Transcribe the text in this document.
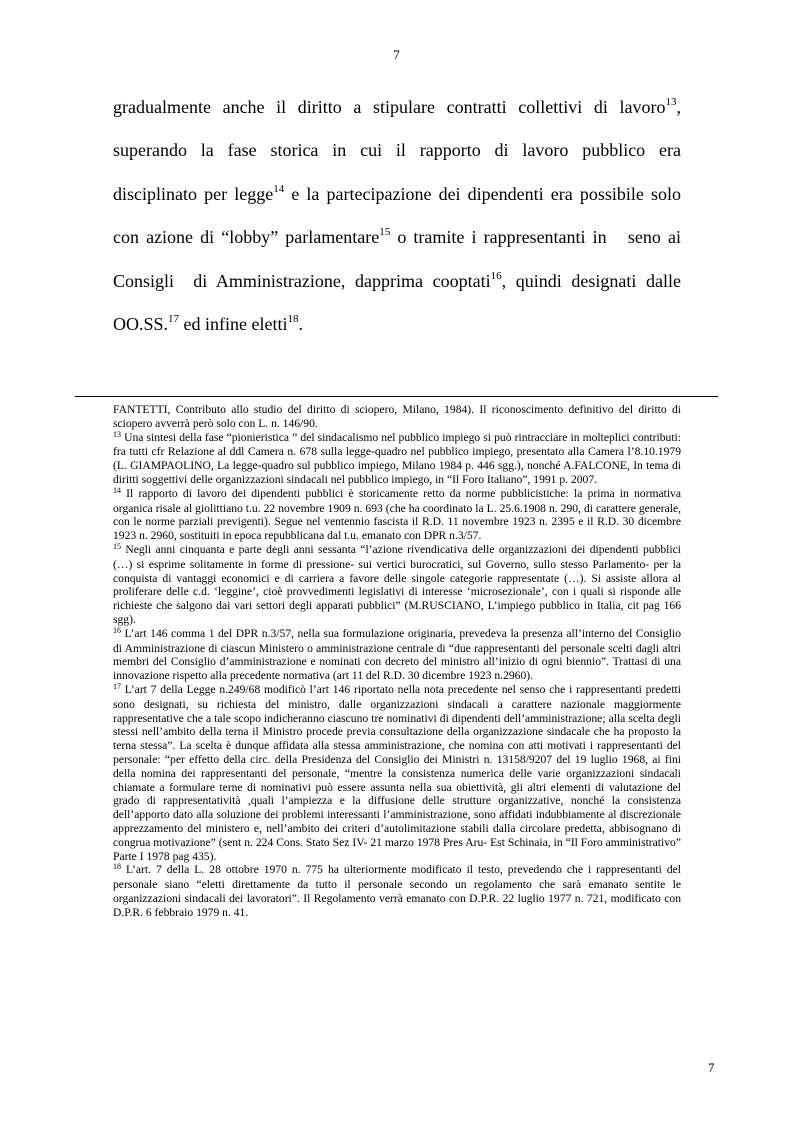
7
gradualmente anche il diritto a stipulare contratti collettivi di lavoro$^{13}$,
superando la fase storica in cui il rapporto di lavoro pubblico era
disciplinato per legge$^{14}$ e la partecipazione dei dipendenti era possibile solo
con azione di “lobby” parlamentare$^{15}$ o tramite i rappresentanti in   seno ai
Consigli  di Amministrazione, dapprima cooptati$^{16}$, quindi designati dalle
OO.SS.$^{17}$ ed infine eletti$^{18}$.

FANTETTI, Contributo allo studio del diritto di sciopero, Milano, 1984). Il riconoscimento definitivo del diritto di sciopero avverrà però solo con L. n. 146/90.

$^{13}$ Una sintesi della fase “pionieristica ” del sindacalismo nel pubblico impiego si può rintracciare in molteplici contributi: fra tutti cfr Relazione al ddl Camera n. 678 sulla legge-quadro nel pubblico impiego, presentato alla Camera l’8.10.1979 (L. GIAMPAOLINO, La legge-quadro sul pubblico impiego, Milano 1984 p. 446 sgg.), nonché A.FALCONE, In tema di diritti soggettivi delle organizzazioni sindacali nel pubblico impiego, in “Il Foro Italiano”, 1991 p. 2007.

$^{14}$ Il rapporto di lavoro dei dipendenti pubblici è storicamente retto da norme pubblicistiche: la prima in normativa organica risale al giolittiano t.u. 22 novembre 1909 n. 693 (che ha coordinato la L. 25.6.1908 n. 290, di carattere generale, con le norme parziali previgenti). Segue nel ventennio fascista il R.D. 11 novembre 1923 n. 2395 e il R.D. 30 dicembre 1923 n. 2960, sostituiti in epoca repubblicana dal t.u. emanato con DPR n.3/57.

$^{15}$ Negli anni cinquanta e parte degli anni sessanta “l’azione rivendicativa delle organizzazioni dei dipendenti pubblici (…) si esprime solitamente in forme di pressione- sui vertici burocratici, sul Governo, sullo stesso Parlamento- per la conquista di vantaggi economici e di carriera a favore delle singole categorie rappresentate (…). Si assiste allora al proliferare delle c.d. ‘leggine’, cioè provvedimenti legislativi di interesse ‘microsezionale’, con i quali si risponde alle richieste che salgono dai vari settori degli apparati pubblici” (M.RUSCIANO, L’impiego pubblico in Italia, cit pag 166 sgg).

$^{16}$ L’art 146 comma 1 del DPR n.3/57, nella sua formulazione originaria, prevedeva la presenza all’interno del Consiglio di Amministrazione di ciascun Ministero o amministrazione centrale di “due rappresentanti del personale scelti dagli altri membri del Consiglio d’amministrazione e nominati con decreto del ministro all’inizio di ogni biennio”. Trattasi di una innovazione rispetto alla precedente normativa (art 11 del R.D. 30 dicembre 1923 n.2960).

$^{17}$ L’art 7 della Legge n.249/68 modificò l’art 146 riportato nella nota precedente nel senso che i rappresentanti predetti sono designati, su richiesta del ministro, dalle organizzazioni sindacali a carattere nazionale maggiormente rappresentative che a tale scopo indicheranno ciascuno tre nominativi di dipendenti dell’amministrazione; alla scelta degli stessi nell’ambito della terna il Ministro procede previa consultazione della organizzazione sindacale che ha proposto la terna stessa”. La scelta è dunque affidata alla stessa amministrazione, che nomina con atti motivati i rappresentanti del personale: “per effetto della circ. della Presidenza del Consiglio dei Ministri n. 13158/9207 del 19 luglio 1968, ai fini della nomina dei rappresentanti del personale, “mentre la consistenza numerica delle varie organizzazioni sindacali chiamate a formulare terne di nominativi può essere assunta nella sua obiettività, gli altri elementi di valutazione del grado di rappresentatività ,quali l’ampiezza e la diffusione delle strutture organizzative, nonché la consistenza dell’apporto dato alla soluzione dei problemi interessanti l’amministrazione, sono affidati indubbiamente al discrezionale apprezzamento del ministero e, nell’ambito dei criteri d’autolimitazione stabili dalla circolare predetta, abbisognano di congrua motivazione” (sent n. 224 Cons. Stato Sez IV- 21 marzo 1978 Pres Aru- Est Schinaia, in “Il Foro amministrativo” Parte I 1978 pag 435).

$^{18}$ L’art. 7 della L. 28 ottobre 1970 n. 775 ha ulteriormente modificato il testo, prevedendo che i rappresentanti del personale siano “eletti direttamente da tutto il personale secondo un regolamento che sarà emanato sentite le organizzazioni sindacali dei lavoratori”. Il Regolamento verrà emanato con D.P.R. 22 luglio 1977 n. 721, modificato con D.P.R. 6 febbraio 1979 n. 41.

7
